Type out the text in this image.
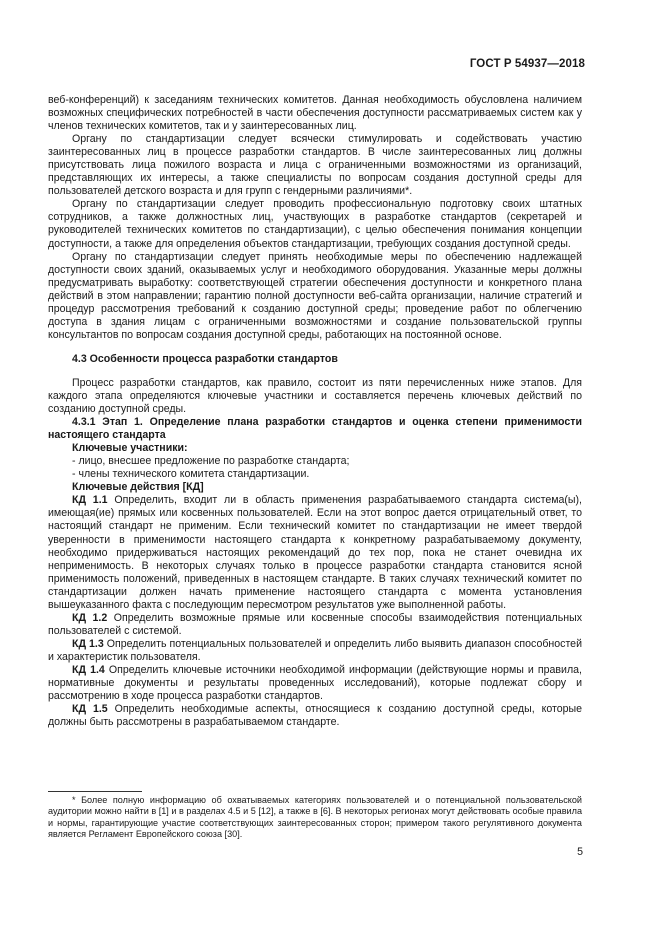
ГОСТ Р 54937—2018

веб-конференций) к заседаниям технических комитетов. Данная необходимость обусловлена наличием возможных специфических потребностей в части обеспечения доступности рассматриваемых систем как у членов технических комитетов, так и у заинтересованных лиц.

Органу по стандартизации следует всячески стимулировать и содействовать участию заинтересованных лиц в процессе разработки стандартов. В числе заинтересованных лиц должны присутствовать лица пожилого возраста и лица с ограниченными возможностями из организаций, представляющих их интересы, а также специалисты по вопросам создания доступной среды для пользователей детского возраста и для групп с гендерными различиями*.

Органу по стандартизации следует проводить профессиональную подготовку своих штатных сотрудников, а также должностных лиц, участвующих в разработке стандартов (секретарей и руководителей технических комитетов по стандартизации), с целью обеспечения понимания концепции доступности, а также для определения объектов стандартизации, требующих создания доступной среды.

Органу по стандартизации следует принять необходимые меры по обеспечению надлежащей доступности своих зданий, оказываемых услуг и необходимого оборудования. Указанные меры должны предусматривать выработку: соответствующей стратегии обеспечения доступности и конкретного плана действий в этом направлении; гарантию полной доступности веб-сайта организации, наличие стратегий и процедур рассмотрения требований к созданию доступной среды; проведение работ по облегчению доступа в здания лицам с ограниченными возможностями и создание пользовательской группы консультантов по вопросам создания доступной среды, работающих на постоянной основе.

4.3 Особенности процесса разработки стандартов

Процесс разработки стандартов, как правило, состоит из пяти перечисленных ниже этапов. Для каждого этапа определяются ключевые участники и составляется перечень ключевых действий по созданию доступной среды.

4.3.1 Этап 1. Определение плана разработки стандартов и оценка степени применимости настоящего стандарта

Ключевые участники:

- лицо, внесшее предложение по разработке стандарта;

- члены технического комитета стандартизации.

Ключевые действия [КД]

КД 1.1 Определить, входит ли в область применения разрабатываемого стандарта система(ы), имеющая(ие) прямых или косвенных пользователей. Если на этот вопрос дается отрицательный ответ, то настоящий стандарт не применим. Если технический комитет по стандартизации не имеет твердой уверенности в применимости настоящего стандарта к конкретному разрабатываемому документу, необходимо придерживаться настоящих рекомендаций до тех пор, пока не станет очевидна их неприменимость. В некоторых случаях только в процессе разработки стандарта становится ясной применимость положений, приведенных в настоящем стандарте. В таких случаях технический комитет по стандартизации должен начать применение настоящего стандарта с момента установления вышеуказанного факта с последующим пересмотром результатов уже выполненной работы.

КД 1.2 Определить возможные прямые или косвенные способы взаимодействия потенциальных пользователей с системой.

КД 1.3 Определить потенциальных пользователей и определить либо выявить диапазон способностей и характеристик пользователя.

КД 1.4 Определить ключевые источники необходимой информации (действующие нормы и правила, нормативные документы и результаты проведенных исследований), которые подлежат сбору и рассмотрению в ходе процесса разработки стандартов.

КД 1.5 Определить необходимые аспекты, относящиеся к созданию доступной среды, которые должны быть рассмотрены в разрабатываемом стандарте.

* Более полную информацию об охватываемых категориях пользователей и о потенциальной пользовательской аудитории можно найти в [1] и в разделах 4.5 и 5 [12], а также в [6]. В некоторых регионах могут действовать особые правила и нормы, гарантирующие участие соответствующих заинтересованных сторон; примером такого регулятивного документа является Регламент Европейского союза [30].

5
